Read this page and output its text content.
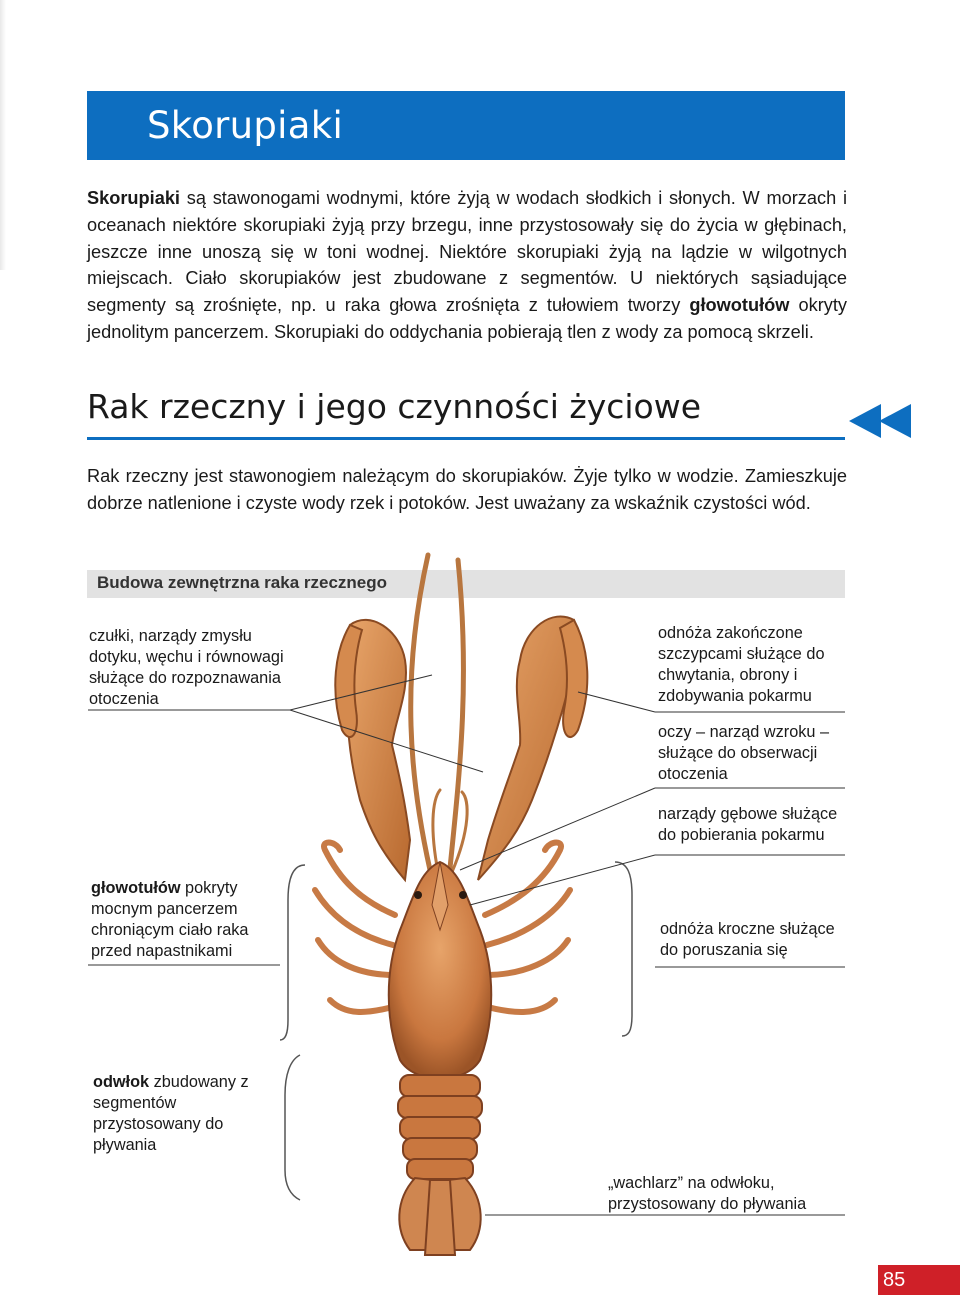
Skorupiaki

Skorupiaki są stawonogami wodnymi, które żyją w wodach słodkich i słonych. W morzach i oceanach niektóre skorupiaki żyją przy brzegu, inne przystosowały się do życia w głębinach, jeszcze inne unoszą się w toni wodnej. Niektóre skorupiaki żyją na lądzie w wilgotnych miejscach. Ciało skorupiaków jest zbudowane z segmentów. U niektórych sąsiadujące segmenty są zrośnięte, np. u raka głowa zrośnięta z tułowiem tworzy głowotułów okryty jednolitym pancerzem. Skorupiaki do oddychania pobierają tlen z wody za pomocą skrzeli.

Rak rzeczny i jego czynności życiowe

Rak rzeczny jest stawonogiem należącym do skorupiaków. Żyje tylko w wodzie. Zamieszkuje dobrze natlenione i czyste wody rzek i potoków. Jest uważany za wskaźnik czystości wód.

Budowa zewnętrzna raka rzecznego

czułki, narządy zmysłu dotyku, węchu i równowagi służące do rozpoznawania otoczenia

odnóża zakończone szczypcami służące do chwytania, obrony i zdobywania pokarmu

oczy – narząd wzroku – służące do obserwacji otoczenia

narządy gębowe służące do pobierania pokarmu

głowotułów pokryty mocnym pancerzem chroniącym ciało raka przed napastnikami

odnóża kroczne służące do poruszania się

odwłok zbudowany z segmentów przystosowany do pływania

„wachlarz” na odwłoku, przystosowany do pływania

85
